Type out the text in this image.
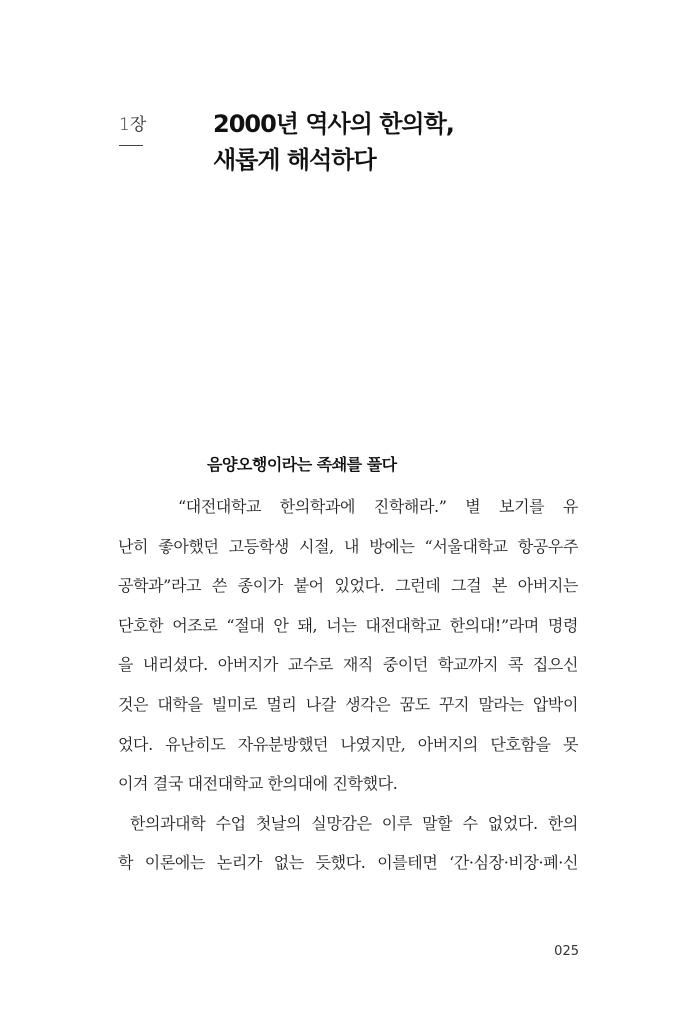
1장	2000년 역사의 한의학,
새롭게 해석하다
음양오행이라는 족쇄를 풀다
“대전대학교 한의학과에 진학해라.” 별 보기를 유
난히 좋아했던 고등학생 시절, 내 방에는 “서울대학교 항공우주
공학과”라고 쓴 종이가 붙어 있었다. 그런데 그걸 본 아버지는
단호한 어조로 “절대 안 돼, 너는 대전대학교 한의대!”라며 명령
을 내리셨다. 아버지가 교수로 재직 중이던 학교까지 콕 집으신
것은 대학을 빌미로 멀리 나갈 생각은 꿈도 꾸지 말라는 압박이
었다. 유난히도 자유분방했던 나였지만, 아버지의 단호함을 못
이겨 결국 대전대학교 한의대에 진학했다.
한의과대학 수업 첫날의 실망감은 이루 말할 수 없었다. 한의
학 이론에는 논리가 없는 듯했다. 이를테면 ‘간·심장·비장·폐·신
025
